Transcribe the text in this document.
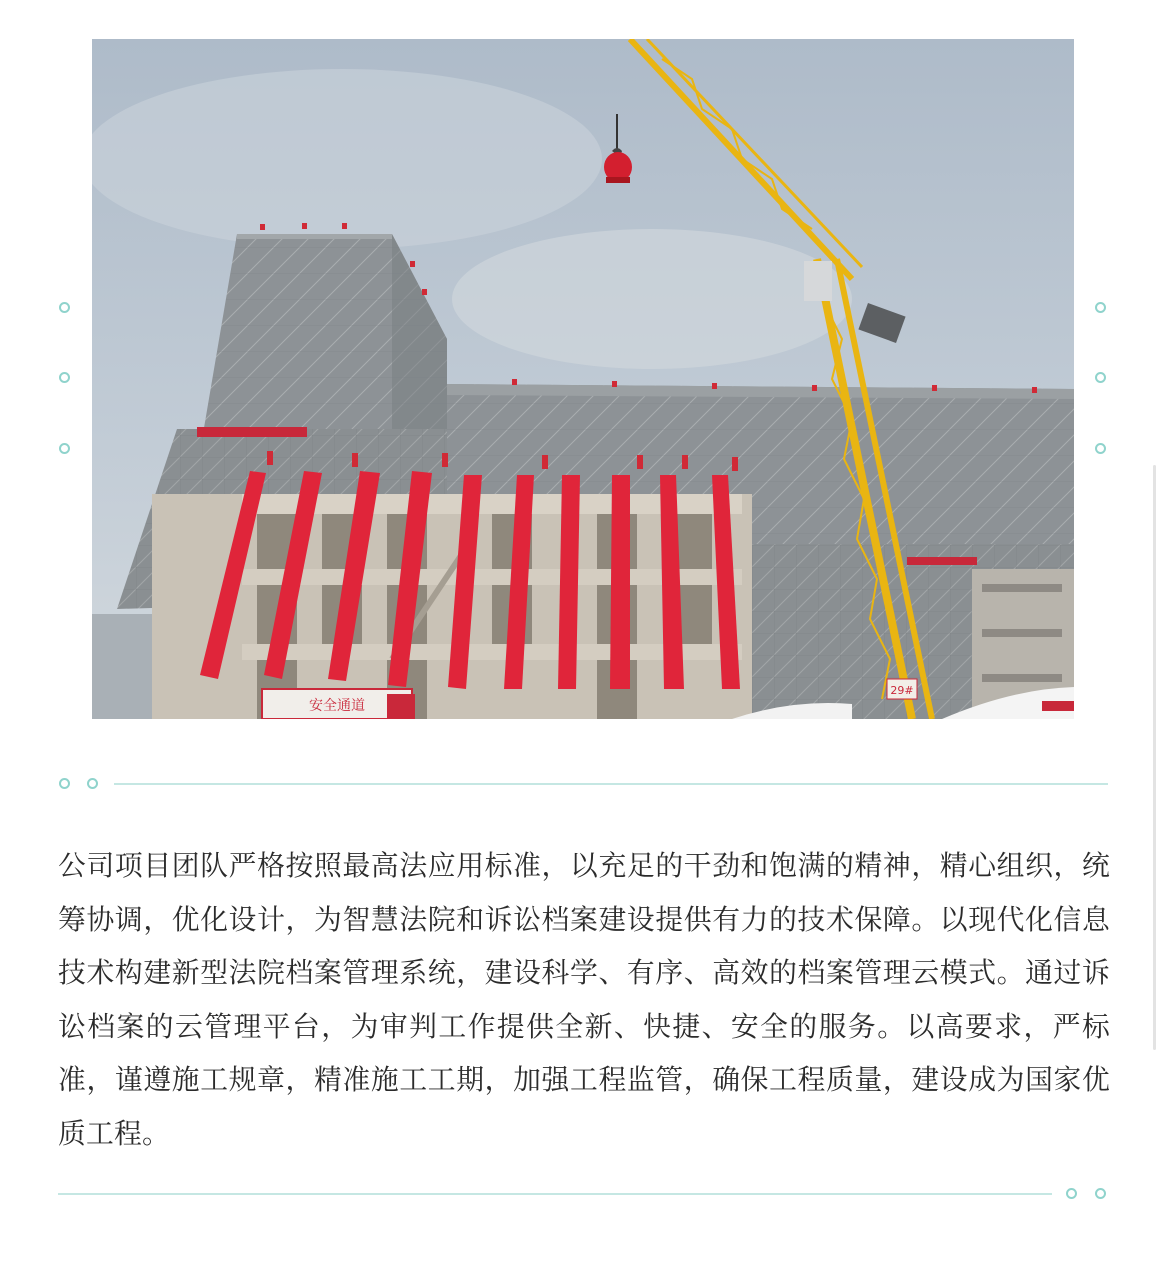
安全通道
29#

公司项目团队严格按照最高法应用标准，以充足的干劲和饱满的精神，精心组织，统筹协调，优化设计，为智慧法院和诉讼档案建设提供有力的技术保障。以现代化信息技术构建新型法院档案管理系统，建设科学、有序、高效的档案管理云模式。通过诉讼档案的云管理平台，为审判工作提供全新、快捷、安全的服务。以高要求，严标准，谨遵施工规章，精准施工工期，加强工程监管，确保工程质量，建设成为国家优质工程。
